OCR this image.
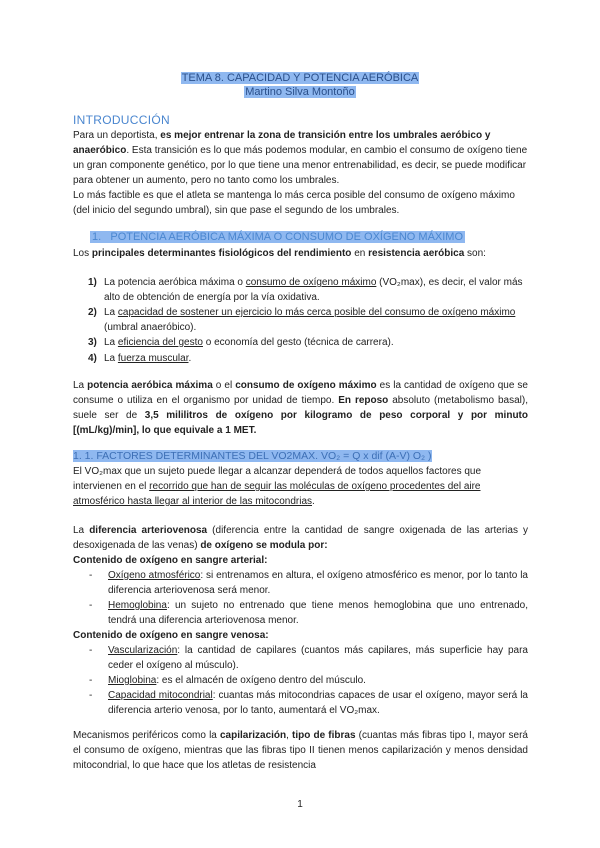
TEMA 8. CAPACIDAD Y POTENCIA AERÓBICA
Martino Silva Montoño
INTRODUCCIÓN
Para un deportista, es mejor entrenar la zona de transición entre los umbrales aeróbico y anaeróbico. Esta transición es lo que más podemos modular, en cambio el consumo de oxígeno tiene un gran componente genético, por lo que tiene una menor entrenabilidad, es decir, se puede modificar para obtener un aumento, pero no tanto como los umbrales.
Lo más factible es que el atleta se mantenga lo más cerca posible del consumo de oxígeno máximo (del inicio del segundo umbral), sin que pase el segundo de los umbrales.
1. POTENCIA AERÓBICA MÁXIMA O CONSUMO DE OXÍGENO MÁXIMO
Los principales determinantes fisiológicos del rendimiento en resistencia aeróbica son:
1) La potencia aeróbica máxima o consumo de oxígeno máximo (VO₂max), es decir, el valor más alto de obtención de energía por la vía oxidativa.
2) La capacidad de sostener un ejercicio lo más cerca posible del consumo de oxígeno máximo (umbral anaeróbico).
3) La eficiencia del gesto o economía del gesto (técnica de carrera).
4) La fuerza muscular.
La potencia aeróbica máxima o el consumo de oxígeno máximo es la cantidad de oxígeno que se consume o utiliza en el organismo por unidad de tiempo. En reposo absoluto (metabolismo basal), suele ser de 3,5 mililitros de oxígeno por kilogramo de peso corporal y por minuto [(mL/kg)/min], lo que equivale a 1 MET.
1. 1. FACTORES DETERMINANTES DEL VO2MAX. VO₂ = Q x dif (A-V) O₂ )
El VO₂max que un sujeto puede llegar a alcanzar dependerá de todos aquellos factores que intervienen en el recorrido que han de seguir las moléculas de oxígeno procedentes del aire atmosférico hasta llegar al interior de las mitocondrias.
La diferencia arteriovenosa (diferencia entre la cantidad de sangre oxigenada de las arterias y desoxigenada de las venas) de oxígeno se modula por:
Contenido de oxígeno en sangre arterial:
- Oxígeno atmosférico: si entrenamos en altura, el oxígeno atmosférico es menor, por lo tanto la diferencia arteriovenosa será menor.
- Hemoglobina: un sujeto no entrenado que tiene menos hemoglobina que uno entrenado, tendrá una diferencia arteriovenosa menor.
Contenido de oxígeno en sangre venosa:
- Vascularización: la cantidad de capilares (cuantos más capilares, más superficie hay para ceder el oxígeno al músculo).
- Mioglobina: es el almacén de oxígeno dentro del músculo.
- Capacidad mitocondrial: cuantas más mitocondrias capaces de usar el oxígeno, mayor será la diferencia arterio venosa, por lo tanto, aumentará el VO₂max.
Mecanismos periféricos como la capilarización, tipo de fibras (cuantas más fibras tipo I, mayor será el consumo de oxígeno, mientras que las fibras tipo II tienen menos capilarización y menos densidad mitocondrial, lo que hace que los atletas de resistencia
1
